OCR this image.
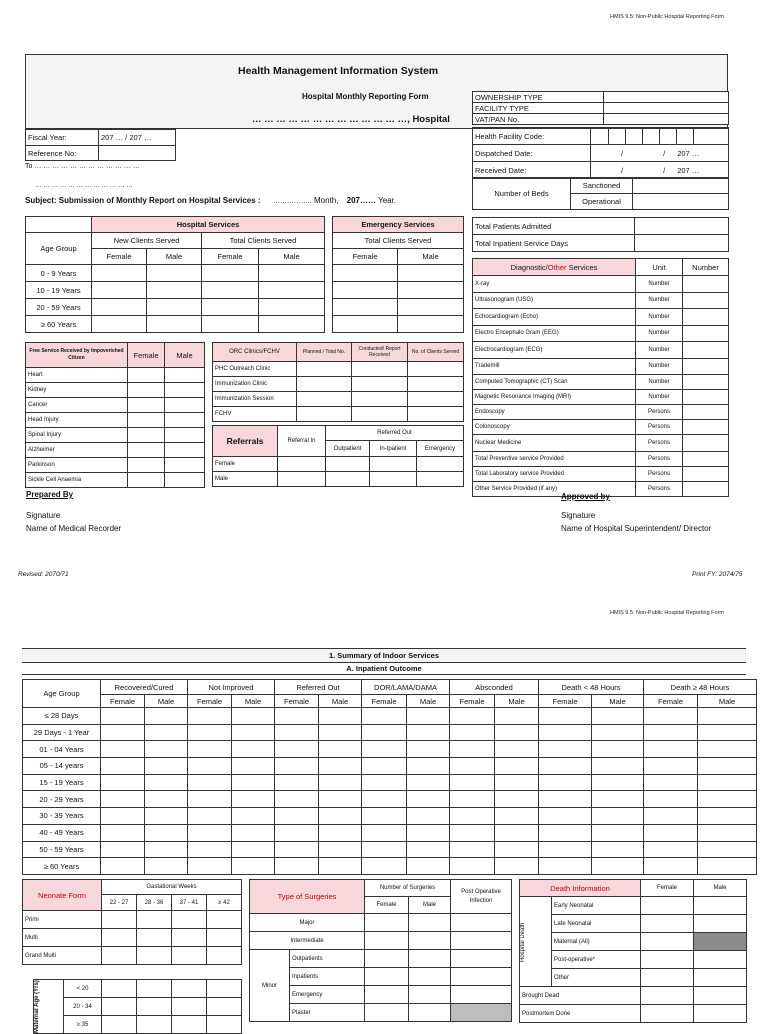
HMIS 9.5: Non-Public Hospital Reporting Form
Health Management Information System
Hospital Monthly Reporting Form
… … … … … … … … … … … … …, Hospital
OWNERSHIP TYPE	
FACILITY TYPE	
VAT/PAN No.	
Health Facility Code:							
Dispatched Date:	/ / 207 …
Received Date:	/ / 207 …
Number of Beds	Sanctioned	
	Operational	
Fiscal Year:	207 … / 207 …
Reference No:	
To … … … … … … … … … … … …
… … … … … … … … … … … …
Subject: Submission of Monthly Report on Hospital Services : …………….. Month, 207…… Year.
	Hospital Services			
Age Group	New Clients Served		Total Clients Served	
	Female	Male	Female	Male
0 - 9 Years				
10 - 19 Years				
20 - 59 Years				
≥ 60 Years				
Emergency Services	
Total Clients Served	
Female	Male

Total Patients Admitted	
Total Inpatient Service Days	
Diagnostic/Other Services	Unit	Number
X-ray	Number	
Ultrasonogram (USG)	Number	
Echocardiogram (Echo)	Number	
Electro Encephalo Gram (EEG)	Number	
Electrocardiogram (ECG)	Number	
Trademill	Number	
Computed Tomographic (CT) Scan	Number	
Magnetic Resonance Imaging (MRI)	Number	
Endoscopy	Persons	
Colonoscopy	Persons	
Nuclear Medicine	Persons	
Total Preventive service Provided	Persons	
Total Laboratory service Provided	Persons	
Other Service Provided (if any)	Persons	
Free Service Received by Impoverished Citizen	Female	Male
Heart		
Kidney		
Cancer		
Head Injury		
Spinal Injury		
Alzheimer		
Parkinson		
Sickle Cell Anaemia		
ORC Clinics/FCHV	Planned / Total No.	Conducted/ Report Received	No. of Clients Served
PHC Outreach Clinic			
Immunization Clinic			
Immunization Session			
FCHV			
Referrals	Referral In	Referred Out		
		Outpatient	In-tpatient	Emergency
Female				
Male				
Prepared By
Signature
Name of Medical Recorder
Approved by
Signature
Name of Hospital Superintendent/ Director
Revised: 2070/71	Print FY: 2074/75
HMIS 9.5: Non-Public Hospital Reporting Form
1. Summary of Indoor Services
A. Inpatient Outcome
Age Group	Recovered/Cured		Not Improved		Referred Out		DOR/LAMA/DAMA		Absconded		Death < 48 Hours		Death ≥ 48 Hours	
	Female	Male	Female	Male	Female	Male	Female	Male	Female	Male	Female	Male	Female	Male
≤ 28 Days														
29 Days - 1 Year														
01 - 04 Years														
05 - 14 years														
15 - 19 Years														
20 - 29 Years														
30 - 39 Years														
40 - 49 Years														
50 - 59 Years														
≥ 60 Years														
Neonate Form	Gastational Weeks			
	22 - 27	28 - 36	37 - 41	≥ 42
Primi				
Multi				
Grand Multi				
Maternal Age (Yrs)	< 20				
	20 - 34				
	≥ 35				
Type of Surgeries		Number of Surgeries		Post Operative Infection
		Female	Male	
Major				
Intermediate				
Minor	Outpatients			
	Inpatients			
	Emergency			
	Plaster			
Death Information		Female	Male

Hospital Death	Early Neonatal		
	Late Neonatal		
	Maternal (All)		
	Post-operative*		
	Other		
Brought Dead			
Postmortem Done			
